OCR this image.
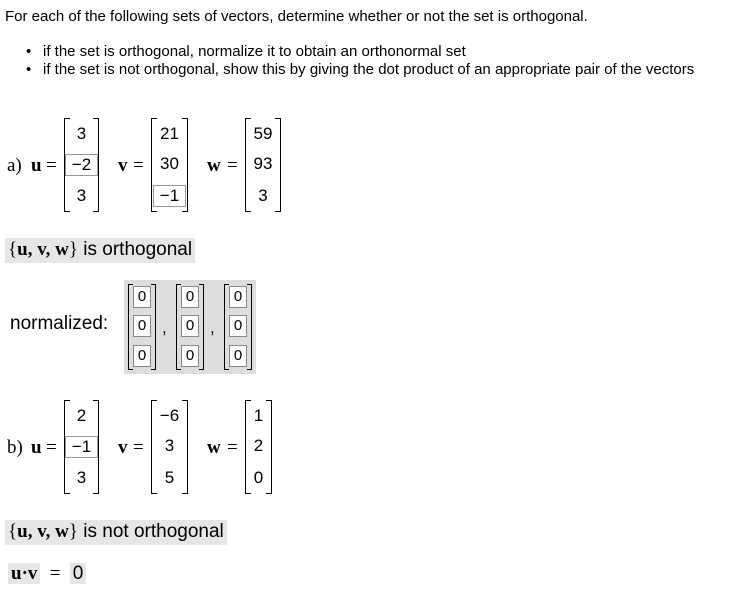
For each of the following sets of vectors, determine whether or not the set is orthogonal.
• if the set is orthogonal, normalize it to obtain an orthonormal set
• if the set is not orthogonal, show this by giving the dot product of an appropriate pair of the vectors
a) u =
3
−2
3
v =
21
30
−1
w =
59
93
3
{u, v, w} is orthogonal
normalized:
0
0
0
,
0
0
0
,
0
0
0
b) u =
2
−1
3
v =
−6
3
5
w =
1
2
0
{u, v, w} is not orthogonal
u·v = 0
